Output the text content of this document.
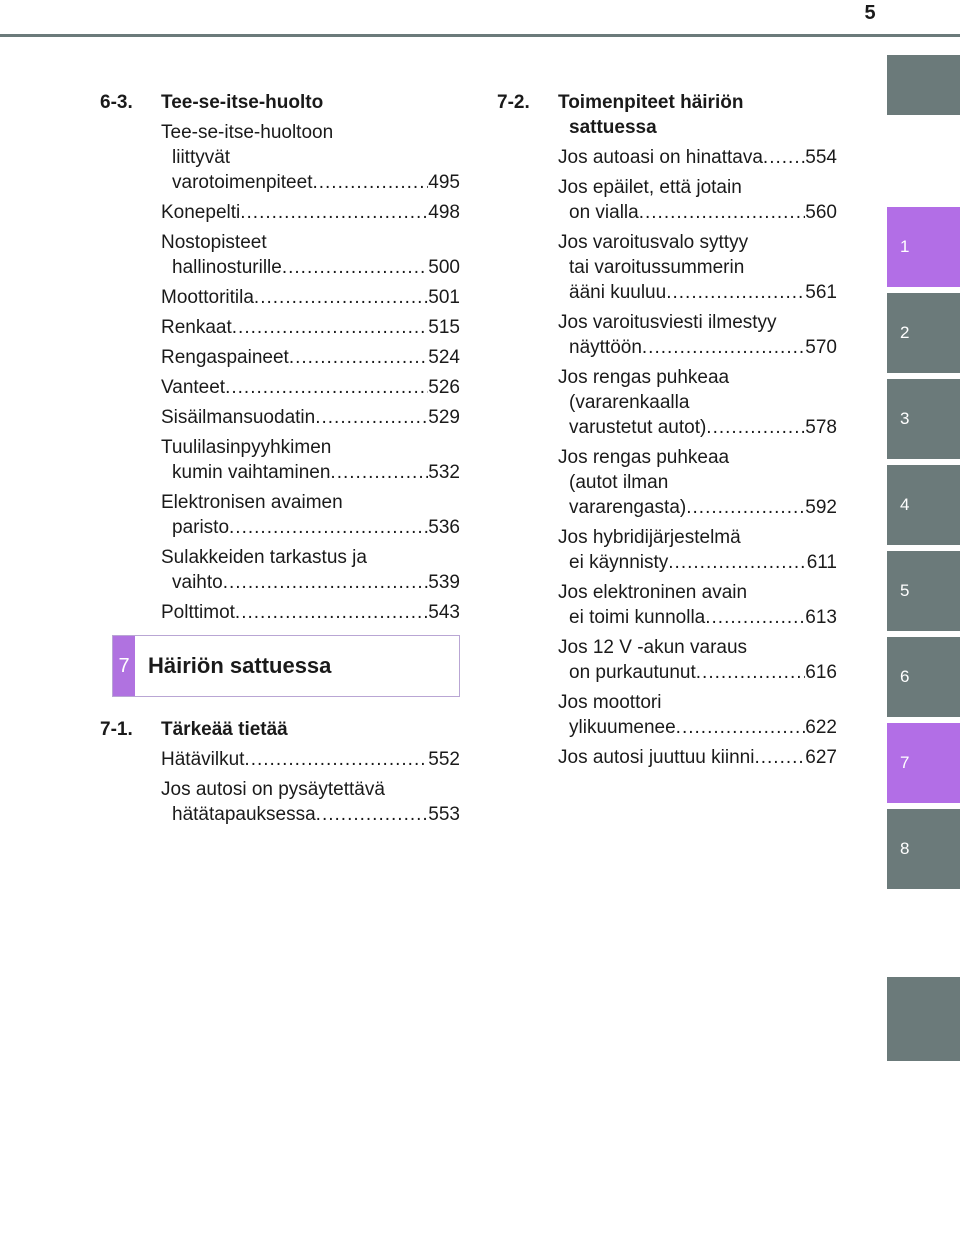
5
6-3.	Tee-se-itse-huolto
Tee-se-itse-huoltoon
liittyvät
varotoimenpiteet .....	495
Konepelti .....	498
Nostopisteet
hallinosturille .....	500
Moottoritila .....	501
Renkaat .....	515
Rengaspaineet .....	524
Vanteet .....	526
Sisäilmansuodatin .....	529
Tuulilasinpyyhkimen
kumin vaihtaminen .....	532
Elektronisen avaimen
paristo .....	536
Sulakkeiden tarkastus ja
vaihto .....	539
Polttimot .....	543
7 Häiriön sattuessa
7-1.	Tärkeää tietää
Hätävilkut .....	552
Jos autosi on pysäytettävä
hätätapauksessa .....	553
7-2.	Toimenpiteet häiriön
sattuessa
Jos autoasi on hinattava ..... 554
Jos epäilet, että jotain
on vialla .....	560
Jos varoitusvalo syttyy
tai varoitussummerin
ääni kuuluu .....	561
Jos varoitusviesti ilmestyy
näyttöön .....	570
Jos rengas puhkeaa
(vararenkaalla
varustetut autot) .....	578
Jos rengas puhkeaa
(autot ilman
vararengasta) .....	592
Jos hybridijärjestelmä
ei käynnisty .....	611
Jos elektroninen avain
ei toimi kunnolla .....	613
Jos 12 V -akun varaus
on purkautunut .....	616
Jos moottori
ylikuumenee .....	622
Jos autosi juuttuu kiinni .....	627
1
2
3
4
5
6
7
8
